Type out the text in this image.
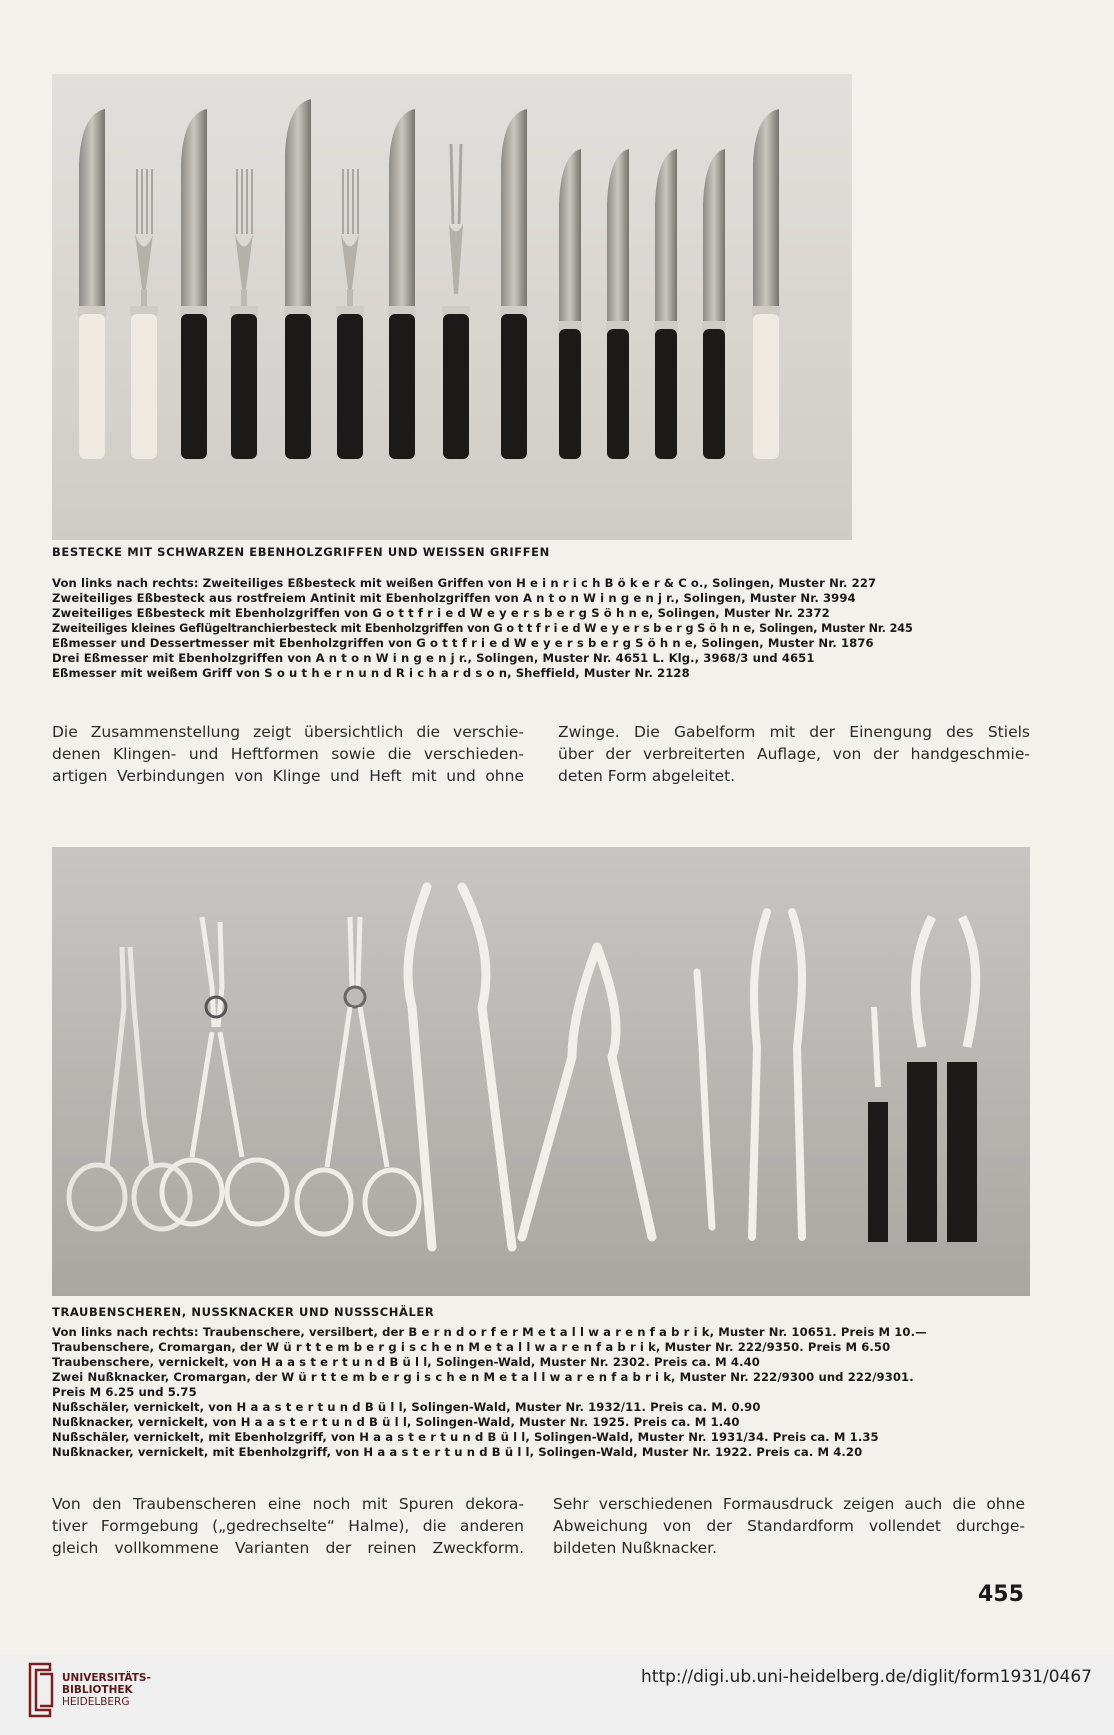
BESTECKE MIT SCHWARZEN EBENHOLZGRIFFEN UND WEISSEN GRIFFEN
Von links nach rechts: Zweiteiliges Eßbesteck mit weißen Griffen von H e i n r i c h B ö k e r & C o., Solingen, Muster Nr. 227
Zweiteiliges Eßbesteck aus rostfreiem Antinit mit Ebenholzgriffen von A n t o n W i n g e n j r., Solingen, Muster Nr. 3994
Zweiteiliges Eßbesteck mit Ebenholzgriffen von G o t t f r i e d W e y e r s b e r g S ö h n e, Solingen, Muster Nr. 2372
Zweiteiliges kleines Geflügeltranchierbesteck mit Ebenholzgriffen von G o t t f r i e d W e y e r s b e r g S ö h n e, Solingen, Muster Nr. 245
Eßmesser und Dessertmesser mit Ebenholzgriffen von G o t t f r i e d W e y e r s b e r g S ö h n e, Solingen, Muster Nr. 1876
Drei Eßmesser mit Ebenholzgriffen von A n t o n W i n g e n j r., Solingen, Muster Nr. 4651 L. Klg., 3968/3 und 4651
Eßmesser mit weißem Griff von S o u t h e r n u n d R i c h a r d s o n, Sheffield, Muster Nr. 2128
Die Zusammenstellung zeigt übersichtlich die verschie-
denen Klingen- und Heftformen sowie die verschieden-
artigen Verbindungen von Klinge und Heft mit und ohne
Zwinge. Die Gabelform mit der Einengung des Stiels
über der verbreiterten Auflage, von der handgeschmie-
deten Form abgeleitet.
TRAUBENSCHEREN, NUSSKNACKER UND NUSSSCHÄLER
Von links nach rechts: Traubenschere, versilbert, der B e r n d o r f e r M e t a l l w a r e n f a b r i k, Muster Nr. 10651. Preis M 10.—
Traubenschere, Cromargan, der W ü r t t e m b e r g i s c h e n M e t a l l w a r e n f a b r i k, Muster Nr. 222/9350. Preis M 6.50
Traubenschere, vernickelt, von H a a s t e r t u n d B ü l l, Solingen-Wald, Muster Nr. 2302. Preis ca. M 4.40
Zwei Nußknacker, Cromargan, der W ü r t t e m b e r g i s c h e n M e t a l l w a r e n f a b r i k, Muster Nr. 222/9300 und 222/9301.
Preis M 6.25 und 5.75
Nußschäler, vernickelt, von H a a s t e r t u n d B ü l l, Solingen-Wald, Muster Nr. 1932/11. Preis ca. M. 0.90
Nußknacker, vernickelt, von H a a s t e r t u n d B ü l l, Solingen-Wald, Muster Nr. 1925. Preis ca. M 1.40
Nußschäler, vernickelt, mit Ebenholzgriff, von H a a s t e r t u n d B ü l l, Solingen-Wald, Muster Nr. 1931/34. Preis ca. M 1.35
Nußknacker, vernickelt, mit Ebenholzgriff, von H a a s t e r t u n d B ü l l, Solingen-Wald, Muster Nr. 1922. Preis ca. M 4.20
Von den Traubenscheren eine noch mit Spuren dekora-
tiver Formgebung („gedrechselte“ Halme), die anderen
gleich vollkommene Varianten der reinen Zweckform.
Sehr verschiedenen Formausdruck zeigen auch die ohne
Abweichung von der Standardform vollendet durchge-
bildeten Nußknacker.
455
UNIVERSITÄTS-
BIBLIOTHEK
HEIDELBERG
http://digi.ub.uni-heidelberg.de/diglit/form1931/0467
